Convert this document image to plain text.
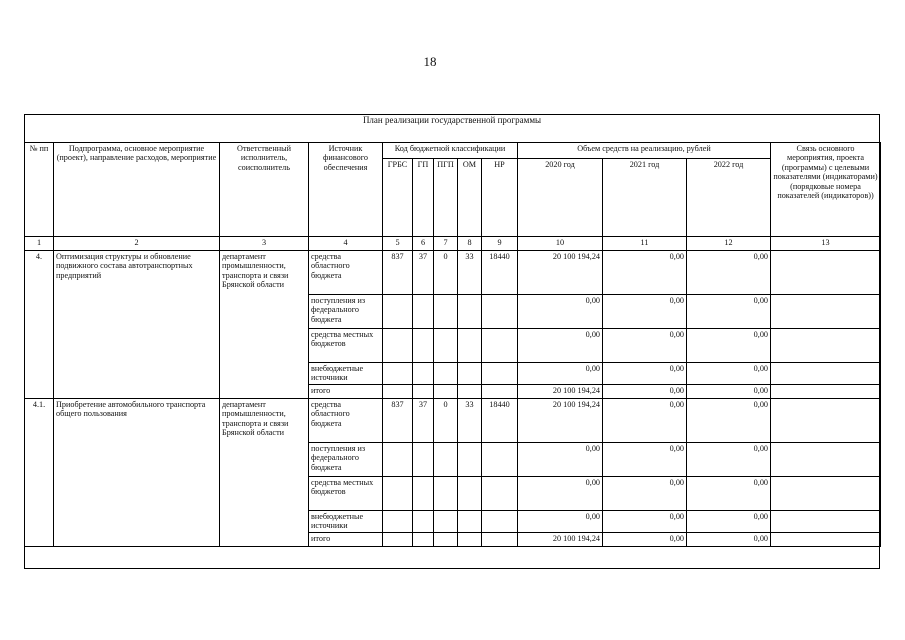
18
План реализации государственной программы
№ пп	Подпрограмма, основное мероприятие (проект), направление расходов, мероприятие	Ответственный исполнитель, соисполнитель	Источник финансового обеспечения	Код бюджетной классификации					Объем средств на реализацию, рублей			Связь основного мероприятия, проекта (программы) с целевыми показателями (индикаторами) (порядковые номера показателей (индикаторов))
				ГРБС	ГП	ПГП	ОМ	НР	2020 год	2021 год	2022 год	
1	2	3	4	5	6	7	8	9	10	11	12	13
4.	Оптимизация структуры и обновление подвижного состава автотранспортных предприятий	департамент промышленности, транспорта и связи Брянской области	средства областного бюджета	837	37	0	33	18440	20 100 194,24	0,00	0,00	
			поступления из федерального бюджета						0,00	0,00	0,00	
			средства местных бюджетов						0,00	0,00	0,00	
			внебюджетные источники						0,00	0,00	0,00	
			итого						20 100 194,24	0,00	0,00	
4.1.	Приобретение автомобильного транспорта общего пользования	департамент промышленности, транспорта и связи Брянской области	средства областного бюджета	837	37	0	33	18440	20 100 194,24	0,00	0,00	
			поступления из федерального бюджета						0,00	0,00	0,00	
			средства местных бюджетов						0,00	0,00	0,00	
			внебюджетные источники						0,00	0,00	0,00	
			итого						20 100 194,24	0,00	0,00	
